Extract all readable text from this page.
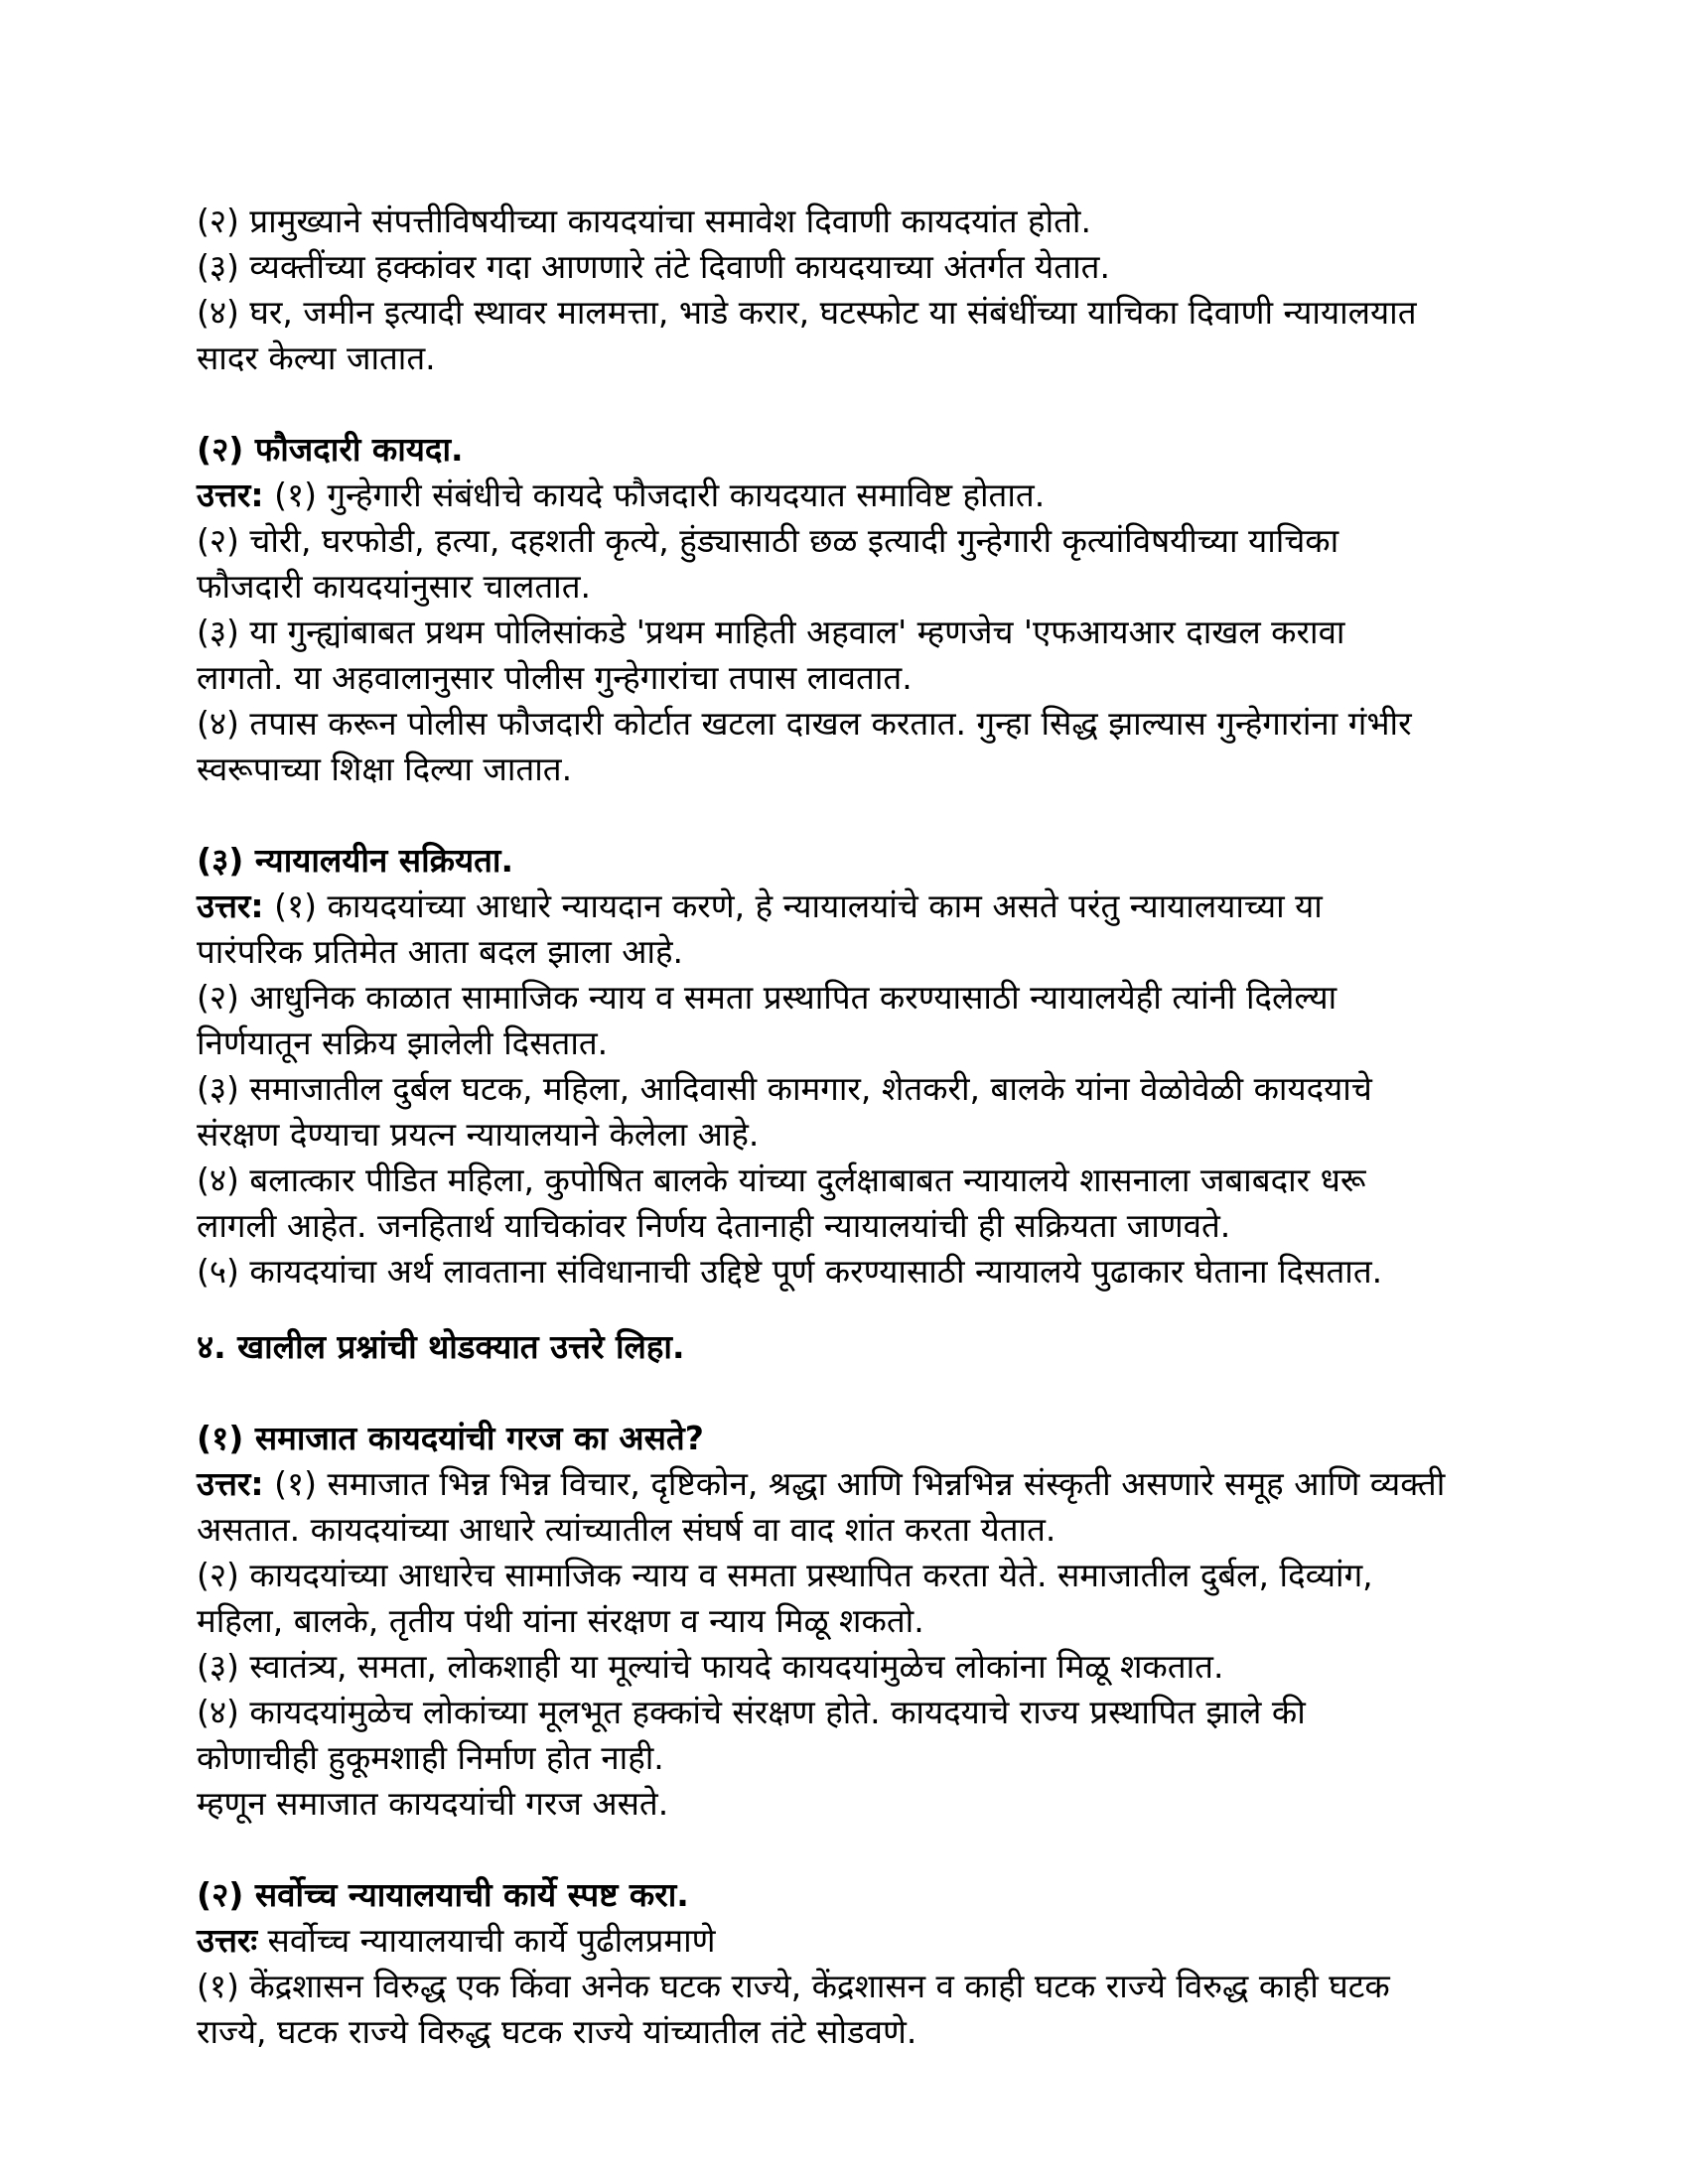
(२) प्रामुख्याने संपत्तीविषयीच्या कायदयांचा समावेश दिवाणी कायदयांत होतो.

(३) व्यक्तींच्या हक्कांवर गदा आणणारे तंटे दिवाणी कायदयाच्या अंतर्गत येतात.

(४) घर, जमीन इत्यादी स्थावर मालमत्ता, भाडे करार, घटस्फोट या संबंधींच्या याचिका दिवाणी न्यायालयात

सादर केल्या जातात.

(२) फौजदारी कायदा.

उत्तर: (१) गुन्हेगारी संबंधीचे कायदे फौजदारी कायदयात समाविष्ट होतात.

(२) चोरी, घरफोडी, हत्या, दहशती कृत्ये, हुंड्यासाठी छळ इत्यादी गुन्हेगारी कृत्यांविषयीच्या याचिका

फौजदारी कायदयांनुसार चालतात.

(३) या गुन्ह्यांबाबत प्रथम पोलिसांकडे 'प्रथम माहिती अहवाल' म्हणजेच 'एफआयआर दाखल करावा

लागतो. या अहवालानुसार पोलीस गुन्हेगारांचा तपास लावतात.

(४) तपास करून पोलीस फौजदारी कोर्टात खटला दाखल करतात. गुन्हा सिद्ध झाल्यास गुन्हेगारांना गंभीर

स्वरूपाच्या शिक्षा दिल्या जातात.

(३) न्यायालयीन सक्रियता.

उत्तर: (१) कायदयांच्या आधारे न्यायदान करणे, हे न्यायालयांचे काम असते परंतु न्यायालयाच्या या

पारंपरिक प्रतिमेत आता बदल झाला आहे.

(२) आधुनिक काळात सामाजिक न्याय व समता प्रस्थापित करण्यासाठी न्यायालयेही त्यांनी दिलेल्या

निर्णयातून सक्रिय झालेली दिसतात.

(३) समाजातील दुर्बल घटक, महिला, आदिवासी कामगार, शेतकरी, बालके यांना वेळोवेळी कायदयाचे

संरक्षण देण्याचा प्रयत्न न्यायालयाने केलेला आहे.

(४) बलात्कार पीडित महिला, कुपोषित बालके यांच्या दुर्लक्षाबाबत न्यायालये शासनाला जबाबदार धरू

लागली आहेत. जनहितार्थ याचिकांवर निर्णय देतानाही न्यायालयांची ही सक्रियता जाणवते.

(५) कायदयांचा अर्थ लावताना संविधानाची उद्दिष्टे पूर्ण करण्यासाठी न्यायालये पुढाकार घेताना दिसतात.

४. खालील प्रश्नांची थोडक्यात उत्तरे लिहा.

(१) समाजात कायदयांची गरज का असते?

उत्तर: (१) समाजात भिन्न भिन्न विचार, दृष्टिकोन, श्रद्धा आणि भिन्नभिन्न संस्कृती असणारे समूह आणि व्यक्ती

असतात. कायदयांच्या आधारे त्यांच्यातील संघर्ष वा वाद शांत करता येतात.

(२) कायदयांच्या आधारेच सामाजिक न्याय व समता प्रस्थापित करता येते. समाजातील दुर्बल, दिव्यांग,

महिला, बालके, तृतीय पंथी यांना संरक्षण व न्याय मिळू शकतो.

(३) स्वातंत्र्य, समता, लोकशाही या मूल्यांचे फायदे कायदयांमुळेच लोकांना मिळू शकतात.

(४) कायदयांमुळेच लोकांच्या मूलभूत हक्कांचे संरक्षण होते. कायदयाचे राज्य प्रस्थापित झाले की

कोणाचीही हुकूमशाही निर्माण होत नाही.

म्हणून समाजात कायदयांची गरज असते.

(२) सर्वोच्च न्यायालयाची कार्ये स्पष्ट करा.

उत्तरः सर्वोच्च न्यायालयाची कार्ये पुढीलप्रमाणे

(१) केंद्रशासन विरुद्ध एक किंवा अनेक घटक राज्ये, केंद्रशासन व काही घटक राज्ये विरुद्ध काही घटक

राज्ये, घटक राज्ये विरुद्ध घटक राज्ये यांच्यातील तंटे सोडवणे.
